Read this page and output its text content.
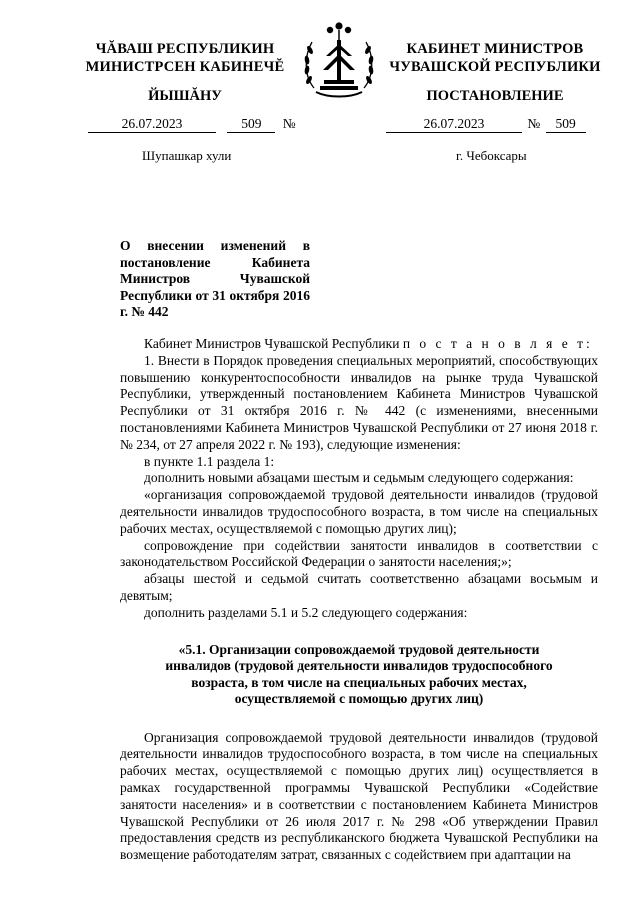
ЧĂВАШ РЕСПУБЛИКИН
МИНИСТРСЕН КАБИНЕЧĔ
ЙЫШĂНУ
КАБИНЕТ МИНИСТРОВ
ЧУВАШСКОЙ РЕСПУБЛИКИ
ПОСТАНОВЛЕНИЕ
26.07.2023	509 №	26.07.2023	№ 509
Шупашкар хули	г. Чебоксары
О внесении изменений в постановление Кабинета Министров Чувашской Республики от 31 октября 2016 г. № 442

Кабинет Министров Чувашской Республики п о с т а н о в л я е т:

1. Внести в Порядок проведения специальных мероприятий, способствующих повышению конкурентоспособности инвалидов на рынке труда Чувашской Республики, утвержденный постановлением Кабинета Министров Чувашской Республики от 31 октября 2016 г. № 442 (с изменениями, внесенными постановлениями Кабинета Министров Чувашской Республики от 27 июня 2018 г. № 234, от 27 апреля 2022 г. № 193), следующие изменения:

в пункте 1.1 раздела 1:

дополнить новыми абзацами шестым и седьмым следующего содержания:

«организация сопровождаемой трудовой деятельности инвалидов (трудовой деятельности инвалидов трудоспособного возраста, в том числе на специальных рабочих местах, осуществляемой с помощью других лиц);

сопровождение при содействии занятости инвалидов в соответствии с законодательством Российской Федерации о занятости населения;»;

абзацы шестой и седьмой считать соответственно абзацами восьмым и девятым;

дополнить разделами 5.1 и 5.2 следующего содержания:

«5.1. Организации сопровождаемой трудовой деятельности инвалидов (трудовой деятельности инвалидов трудоспособного возраста, в том числе на специальных рабочих местах, осуществляемой с помощью других лиц)

Организация сопровождаемой трудовой деятельности инвалидов (трудовой деятельности инвалидов трудоспособного возраста, в том числе на специальных рабочих местах, осуществляемой с помощью других лиц) осуществляется в рамках государственной программы Чувашской Республики «Содействие занятости населения» и в соответствии с постановлением Кабинета Министров Чувашской Республики от 26 июля 2017 г. № 298 «Об утверждении Правил предоставления средств из республиканского бюджета Чувашской Республики на возмещение работодателям затрат, связанных с содействием при адаптации на
